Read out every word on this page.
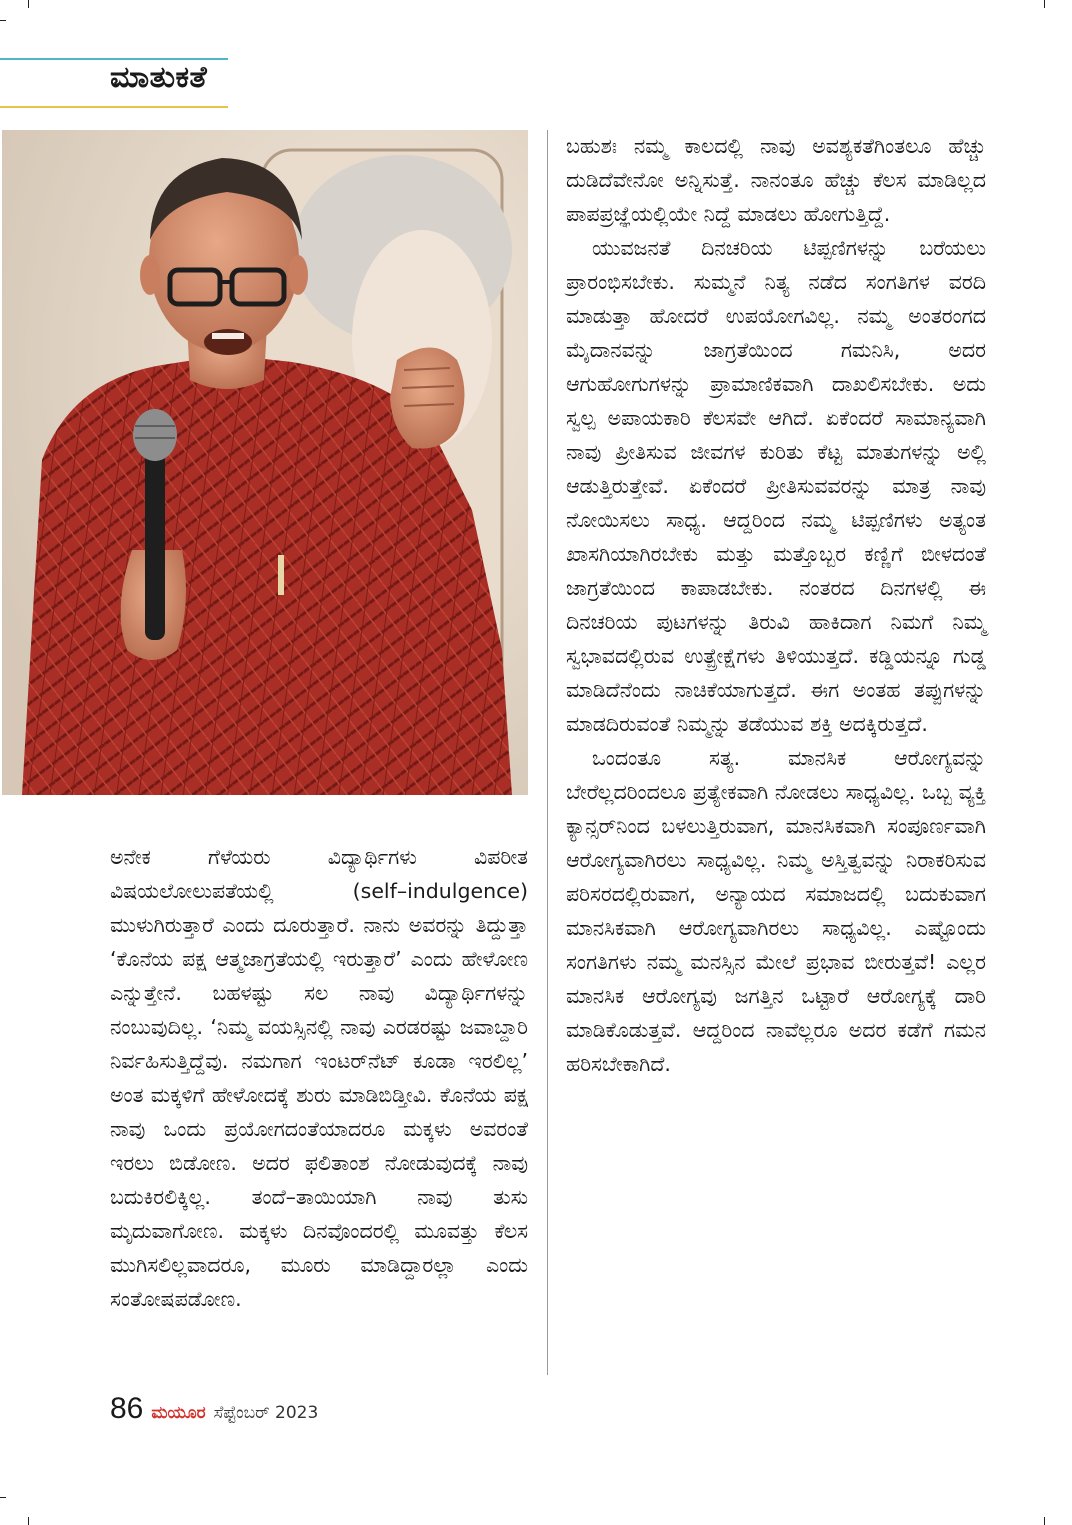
ಮಾತುಕತೆ

ಅನೇಕ ಗೆಳೆಯರು ವಿದ್ಯಾರ್ಥಿಗಳು ವಿಪರೀತ ವಿಷಯಲೋಲುಪತೆಯಲ್ಲಿ (self–indulgence) ಮುಳುಗಿರುತ್ತಾರೆ ಎಂದು ದೂರುತ್ತಾರೆ. ನಾನು ಅವರನ್ನು ತಿದ್ದುತ್ತಾ ‘ಕೊನೆಯ ಪಕ್ಷ ಆತ್ಮಜಾಗ್ರತೆಯಲ್ಲಿ ಇರುತ್ತಾರೆ’ ಎಂದು ಹೇಳೋಣ ಎನ್ನುತ್ತೇನೆ. ಬಹಳಷ್ಟು ಸಲ ನಾವು ವಿದ್ಯಾರ್ಥಿಗಳನ್ನು ನಂಬುವುದಿಲ್ಲ. ‘ನಿಮ್ಮ ವಯಸ್ಸಿನಲ್ಲಿ ನಾವು ಎರಡರಷ್ಟು ಜವಾಬ್ದಾರಿ ನಿರ್ವಹಿಸುತ್ತಿದ್ದೆವು. ನಮಗಾಗ ಇಂಟರ್‌ನೆಟ್ ಕೂಡಾ ಇರಲಿಲ್ಲ’ ಅಂತ ಮಕ್ಕಳಿಗೆ ಹೇಳೋದಕ್ಕೆ ಶುರು ಮಾಡಿಬಿಡ್ತೀವಿ. ಕೊನೆಯ ಪಕ್ಷ ನಾವು ಒಂದು ಪ್ರಯೋಗದಂತೆಯಾದರೂ ಮಕ್ಕಳು ಅವರಂತೆ ಇರಲು ಬಿಡೋಣ. ಅದರ ಫಲಿತಾಂಶ ನೋಡುವುದಕ್ಕೆ ನಾವು ಬದುಕಿರಲಿಕ್ಕಿಲ್ಲ. ತಂದೆ–ತಾಯಿಯಾಗಿ ನಾವು ತುಸು ಮೃದುವಾಗೋಣ. ಮಕ್ಕಳು ದಿನವೊಂದರಲ್ಲಿ ಮೂವತ್ತು ಕೆಲಸ ಮುಗಿಸಲಿಲ್ಲವಾದರೂ, ಮೂರು ಮಾಡಿದ್ದಾರಲ್ಲಾ ಎಂದು ಸಂತೋಷಪಡೋಣ.

ಬಹುಶಃ ನಮ್ಮ ಕಾಲದಲ್ಲಿ ನಾವು ಅವಶ್ಯಕತೆಗಿಂತಲೂ ಹೆಚ್ಚು ದುಡಿದೆವೇನೋ ಅನ್ನಿಸುತ್ತೆ. ನಾನಂತೂ ಹೆಚ್ಚು ಕೆಲಸ ಮಾಡಿಲ್ಲದ ಪಾಪಪ್ರಜ್ಞೆಯಲ್ಲಿಯೇ ನಿದ್ದೆ ಮಾಡಲು ಹೋಗುತ್ತಿದ್ದೆ.

ಯುವಜನತೆ ದಿನಚರಿಯ ಟಿಪ್ಪಣಿಗಳನ್ನು ಬರೆಯಲು ಪ್ರಾರಂಭಿಸಬೇಕು. ಸುಮ್ಮನೆ ನಿತ್ಯ ನಡೆದ ಸಂಗತಿಗಳ ವರದಿ ಮಾಡುತ್ತಾ ಹೋದರೆ ಉಪಯೋಗವಿಲ್ಲ. ನಮ್ಮ ಅಂತರಂಗದ ಮೈದಾನವನ್ನು ಜಾಗ್ರತೆಯಿಂದ ಗಮನಿಸಿ, ಅದರ ಆಗುಹೋಗುಗಳನ್ನು ಪ್ರಾಮಾಣಿಕವಾಗಿ ದಾಖಲಿಸಬೇಕು. ಅದು ಸ್ವಲ್ಪ ಅಪಾಯಕಾರಿ ಕೆಲಸವೇ ಆಗಿದೆ. ಏಕೆಂದರೆ ಸಾಮಾನ್ಯವಾಗಿ ನಾವು ಪ್ರೀತಿಸುವ ಜೀವಗಳ ಕುರಿತು ಕೆಟ್ಟ ಮಾತುಗಳನ್ನು ಅಲ್ಲಿ ಆಡುತ್ತಿರುತ್ತೇವೆ. ಏಕೆಂದರೆ ಪ್ರೀತಿಸುವವರನ್ನು ಮಾತ್ರ ನಾವು ನೋಯಿಸಲು ಸಾಧ್ಯ. ಆದ್ದರಿಂದ ನಮ್ಮ ಟಿಪ್ಪಣಿಗಳು ಅತ್ಯಂತ ಖಾಸಗಿಯಾಗಿರಬೇಕು ಮತ್ತು ಮತ್ತೊಬ್ಬರ ಕಣ್ಣಿಗೆ ಬೀಳದಂತೆ ಜಾಗ್ರತೆಯಿಂದ ಕಾಪಾಡಬೇಕು. ನಂತರದ ದಿನಗಳಲ್ಲಿ ಈ ದಿನಚರಿಯ ಪುಟಗಳನ್ನು ತಿರುವಿ ಹಾಕಿದಾಗ ನಿಮಗೆ ನಿಮ್ಮ ಸ್ವಭಾವದಲ್ಲಿರುವ ಉತ್ಪ್ರೇಕ್ಷೆಗಳು ತಿಳಿಯುತ್ತದೆ. ಕಡ್ಡಿಯನ್ನೂ ಗುಡ್ಡ ಮಾಡಿದೆನೆಂದು ನಾಚಿಕೆಯಾಗುತ್ತದೆ. ಈಗ ಅಂತಹ ತಪ್ಪುಗಳನ್ನು ಮಾಡದಿರುವಂತೆ ನಿಮ್ಮನ್ನು ತಡೆಯುವ ಶಕ್ತಿ ಅದಕ್ಕಿರುತ್ತದೆ.

ಒಂದಂತೂ ಸತ್ಯ. ಮಾನಸಿಕ ಆರೋಗ್ಯವನ್ನು ಬೇರೆಲ್ಲದರಿಂದಲೂ ಪ್ರತ್ಯೇಕವಾಗಿ ನೋಡಲು ಸಾಧ್ಯವಿಲ್ಲ. ಒಬ್ಬ ವ್ಯಕ್ತಿ ಕ್ಯಾನ್ಸರ್‌ನಿಂದ ಬಳಲುತ್ತಿರುವಾಗ, ಮಾನಸಿಕವಾಗಿ ಸಂಪೂರ್ಣವಾಗಿ ಆರೋಗ್ಯವಾಗಿರಲು ಸಾಧ್ಯವಿಲ್ಲ. ನಿಮ್ಮ ಅಸ್ತಿತ್ವವನ್ನು ನಿರಾಕರಿಸುವ ಪರಿಸರದಲ್ಲಿರುವಾಗ, ಅನ್ಯಾಯದ ಸಮಾಜದಲ್ಲಿ ಬದುಕುವಾಗ ಮಾನಸಿಕವಾಗಿ ಆರೋಗ್ಯವಾಗಿರಲು ಸಾಧ್ಯವಿಲ್ಲ. ಎಷ್ಟೊಂದು ಸಂಗತಿಗಳು ನಮ್ಮ ಮನಸ್ಸಿನ ಮೇಲೆ ಪ್ರಭಾವ ಬೀರುತ್ತವೆ! ಎಲ್ಲರ ಮಾನಸಿಕ ಆರೋಗ್ಯವು ಜಗತ್ತಿನ ಒಟ್ಟಾರೆ ಆರೋಗ್ಯಕ್ಕೆ ದಾರಿ ಮಾಡಿಕೊಡುತ್ತವೆ. ಆದ್ದರಿಂದ ನಾವೆಲ್ಲರೂ ಅದರ ಕಡೆಗೆ ಗಮನ ಹರಿಸಬೇಕಾಗಿದೆ.

86 ಮಯೂರ ಸೆಪ್ಟೆಂಬರ್ 2023
